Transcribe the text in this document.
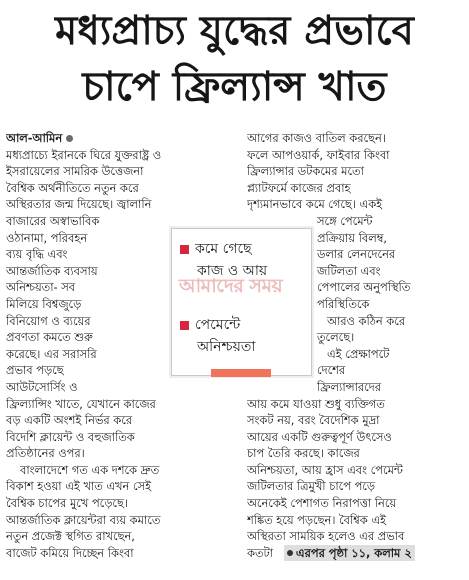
মধ্যপ্রাচ্য যুদ্ধের প্রভাবে
চাপে ফ্রিল্যান্স খাত
আল-আমিন
মধ্যপ্রাচ্যে ইরানকে ঘিরে যুক্তরাষ্ট্র ও
ইসরায়েলের সামরিক উত্তেজনা
বৈশ্বিক অর্থনীতিতে নতুন করে
অস্থিরতার জন্ম দিয়েছে। জ্বালানি
বাজারের অস্বাভাবিক
ওঠানামা, পরিবহন
ব্যয় বৃদ্ধি এবং
আন্তর্জাতিক ব্যবসায়
অনিশ্চয়তা- সব
মিলিয়ে বিশ্বজুড়ে
বিনিয়োগ ও ব্যয়ের
প্রবণতা কমতে শুরু
করেছে। এর সরাসরি
প্রভাব পড়ছে
আউটসোর্সিং ও
ফ্রিল্যান্সিং খাতে, যেখানে কাজের
বড় একটি অংশই নির্ভর করে
বিদেশি ক্লায়েন্ট ও বহুজাতিক
প্রতিষ্ঠানের ওপর।
বাংলাদেশে গত এক দশকে দ্রুত
বিকাশ হওয়া এই খাত এখন সেই
বৈশ্বিক চাপের মুখে পড়েছে।
আন্তর্জাতিক ক্লায়েন্টরা ব্যয় কমাতে
নতুন প্রজেক্ট স্থগিত রাখছেন,
বাজেট কমিয়ে দিচ্ছেন কিংবা
আগের কাজও বাতিল করছেন।
ফলে আপওয়ার্ক, ফাইবার কিংবা
ফ্রিল্যান্সার ডটকমের মতো
প্ল্যাটফর্মে কাজের প্রবাহ
দৃশ্যমানভাবে কমে গেছে। একই
সঙ্গে পেমেন্ট
প্রক্রিয়ায় বিলম্ব,
ডলার লেনদেনের
জটিলতা এবং
পেপালের অনুপস্থিতি
পরিস্থিতিকে
আরও কঠিন করে
তুলেছে।
এই প্রেক্ষাপটে
দেশের
ফ্রিল্যান্সারদের
আয় কমে যাওয়া শুধু ব্যক্তিগত
সংকট নয়, বরং বৈদেশিক মুদ্রা
আয়ের একটি গুরুত্বপূর্ণ উৎসেও
চাপ তৈরি করছে। কাজের
অনিশ্চয়তা, আয় হ্রাস এবং পেমেন্ট
জটিলতার ত্রিমুখী চাপে পড়ে
অনেকেই পেশাগত নিরাপত্তা নিয়ে
শঙ্কিত হয়ে পড়ছেন। বৈশ্বিক এই
অস্থিরতা সাময়িক হলেও এর প্রভাব
কতটা এরপর পৃষ্ঠা ১১, কলাম ২
কমে গেছে
কাজ ও আয়
পেমেন্টে
অনিশ্চয়তা
আমাদের সময়
